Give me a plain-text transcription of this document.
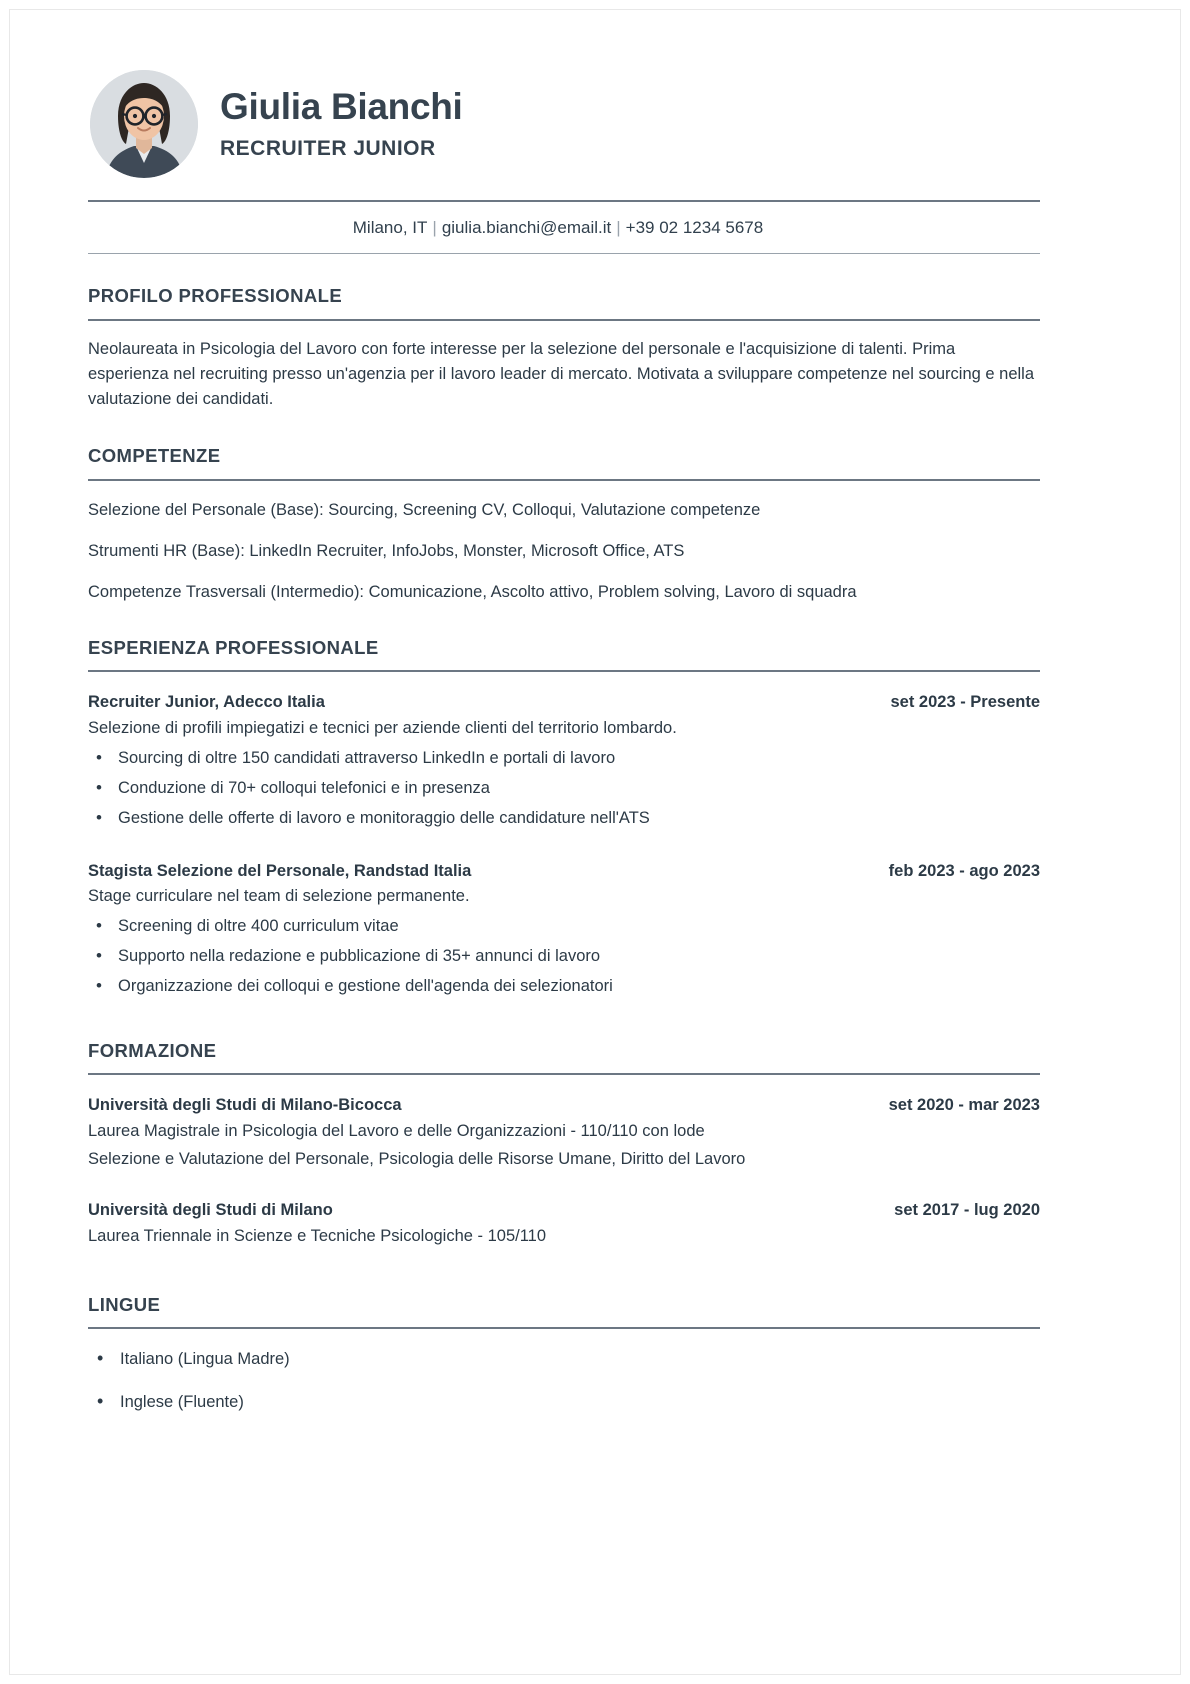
Giulia Bianchi
RECRUITER JUNIOR
Milano, IT | giulia.bianchi@email.it | +39 02 1234 5678
PROFILO PROFESSIONALE
Neolaureata in Psicologia del Lavoro con forte interesse per la selezione del personale e l'acquisizione di talenti. Prima esperienza nel recruiting presso un'agenzia per il lavoro leader di mercato. Motivata a sviluppare competenze nel sourcing e nella valutazione dei candidati.
COMPETENZE
Selezione del Personale (Base): Sourcing, Screening CV, Colloqui, Valutazione competenze
Strumenti HR (Base): LinkedIn Recruiter, InfoJobs, Monster, Microsoft Office, ATS
Competenze Trasversali (Intermedio): Comunicazione, Ascolto attivo, Problem solving, Lavoro di squadra
ESPERIENZA PROFESSIONALE
Recruiter Junior, Adecco Italia	set 2023 - Presente
Selezione di profili impiegatizi e tecnici per aziende clienti del territorio lombardo.
• Sourcing di oltre 150 candidati attraverso LinkedIn e portali di lavoro
• Conduzione di 70+ colloqui telefonici e in presenza
• Gestione delle offerte di lavoro e monitoraggio delle candidature nell'ATS
Stagista Selezione del Personale, Randstad Italia	feb 2023 - ago 2023
Stage curriculare nel team di selezione permanente.
• Screening di oltre 400 curriculum vitae
• Supporto nella redazione e pubblicazione di 35+ annunci di lavoro
• Organizzazione dei colloqui e gestione dell'agenda dei selezionatori
FORMAZIONE
Università degli Studi di Milano-Bicocca	set 2020 - mar 2023
Laurea Magistrale in Psicologia del Lavoro e delle Organizzazioni - 110/110 con lode
Selezione e Valutazione del Personale, Psicologia delle Risorse Umane, Diritto del Lavoro
Università degli Studi di Milano	set 2017 - lug 2020
Laurea Triennale in Scienze e Tecniche Psicologiche - 105/110
LINGUE
• Italiano (Lingua Madre)
• Inglese (Fluente)
